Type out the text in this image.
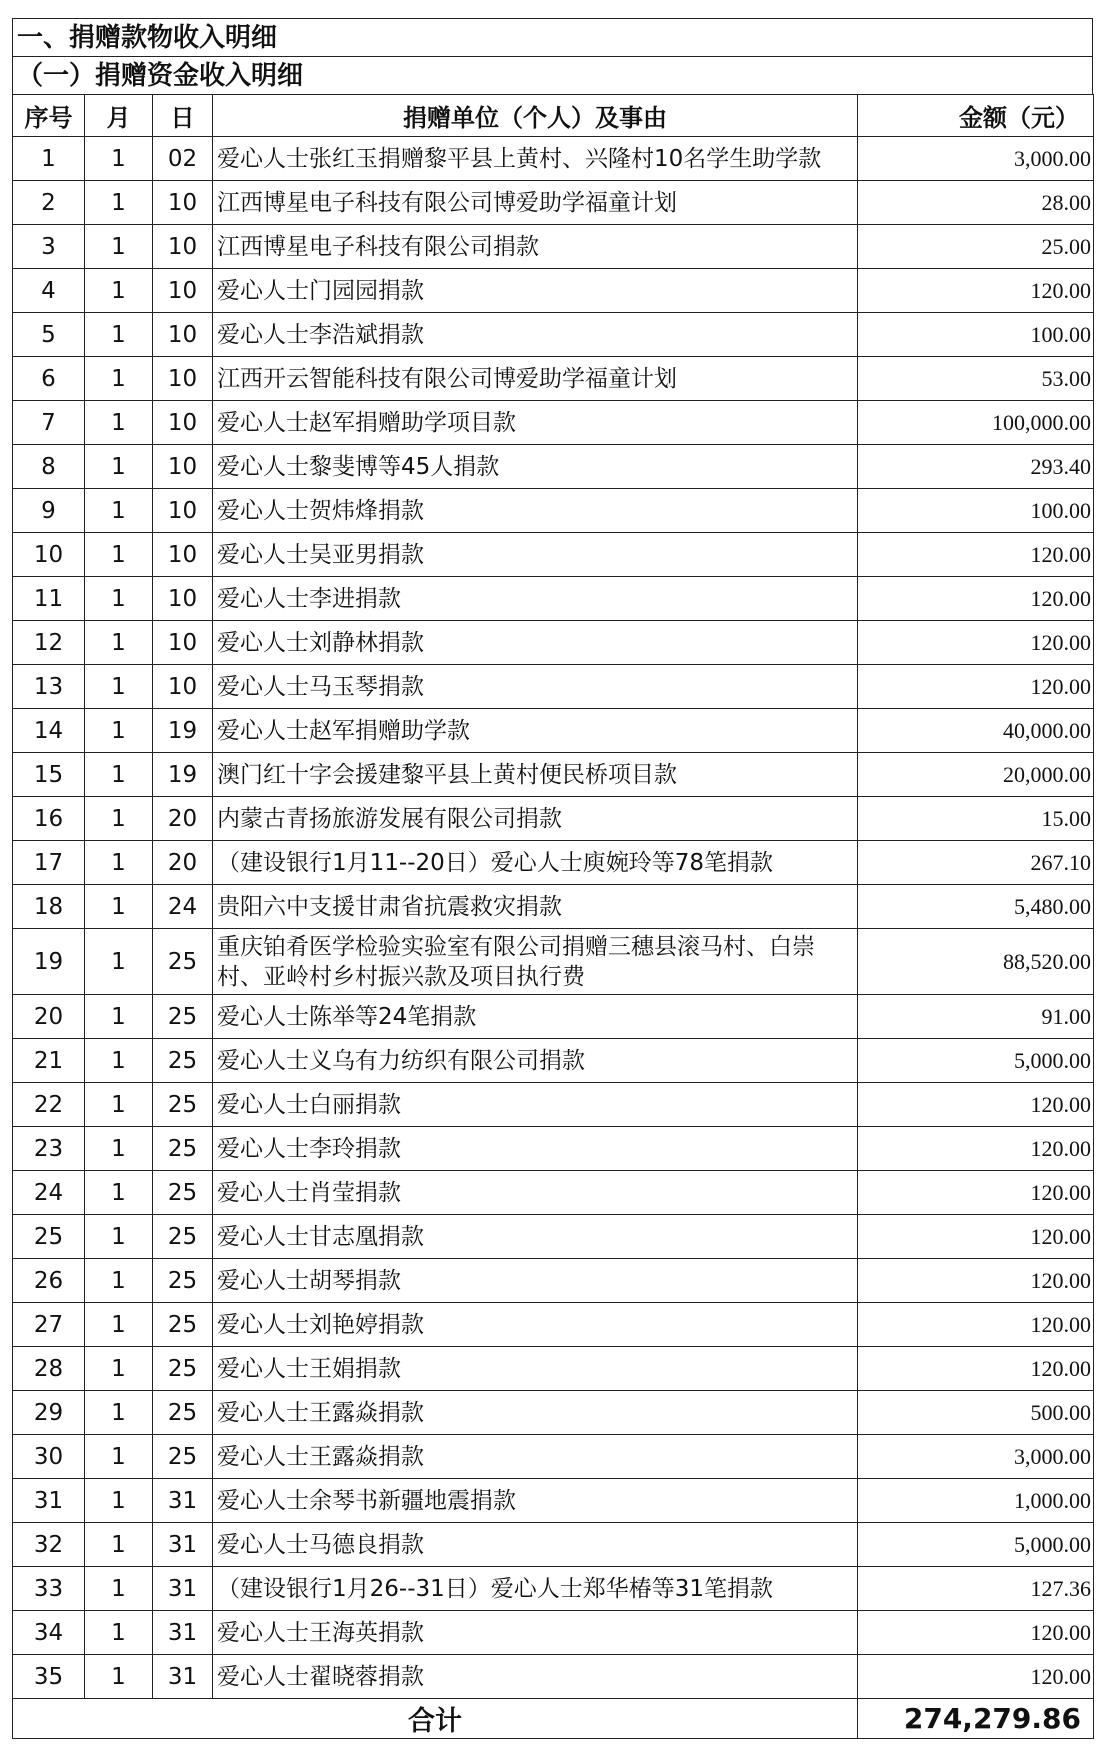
一、捐赠款物收入明细
（一）捐赠资金收入明细
序号	月	日	捐赠单位（个人）及事由	金额（元）
1	1	02	爱心人士张红玉捐赠黎平县上黄村、兴隆村10名学生助学款	3,000.00
2	1	10	江西博星电子科技有限公司博爱助学福童计划	28.00
3	1	10	江西博星电子科技有限公司捐款	25.00
4	1	10	爱心人士门园园捐款	120.00
5	1	10	爱心人士李浩斌捐款	100.00
6	1	10	江西开云智能科技有限公司博爱助学福童计划	53.00
7	1	10	爱心人士赵军捐赠助学项目款	100,000.00
8	1	10	爱心人士黎斐博等45人捐款	293.40
9	1	10	爱心人士贺炜烽捐款	100.00
10	1	10	爱心人士吴亚男捐款	120.00
11	1	10	爱心人士李进捐款	120.00
12	1	10	爱心人士刘静林捐款	120.00
13	1	10	爱心人士马玉琴捐款	120.00
14	1	19	爱心人士赵军捐赠助学款	40,000.00
15	1	19	澳门红十字会援建黎平县上黄村便民桥项目款	20,000.00
16	1	20	内蒙古青扬旅游发展有限公司捐款	15.00
17	1	20	（建设银行1月11--20日）爱心人士庾婉玲等78笔捐款	267.10
18	1	24	贵阳六中支援甘肃省抗震救灾捐款	5,480.00
19	1	25	重庆铂肴医学检验实验室有限公司捐赠三穗县滚马村、白崇村、亚岭村乡村振兴款及项目执行费	88,520.00
20	1	25	爱心人士陈举等24笔捐款	91.00
21	1	25	爱心人士义乌有力纺织有限公司捐款	5,000.00
22	1	25	爱心人士白丽捐款	120.00
23	1	25	爱心人士李玲捐款	120.00
24	1	25	爱心人士肖莹捐款	120.00
25	1	25	爱心人士甘志凰捐款	120.00
26	1	25	爱心人士胡琴捐款	120.00
27	1	25	爱心人士刘艳婷捐款	120.00
28	1	25	爱心人士王娟捐款	120.00
29	1	25	爱心人士王露焱捐款	500.00
30	1	25	爱心人士王露焱捐款	3,000.00
31	1	31	爱心人士余琴书新疆地震捐款	1,000.00
32	1	31	爱心人士马德良捐款	5,000.00
33	1	31	（建设银行1月26--31日）爱心人士郑华椿等31笔捐款	127.36
34	1	31	爱心人士王海英捐款	120.00
35	1	31	爱心人士翟晓蓉捐款	120.00
合计				274,279.86
